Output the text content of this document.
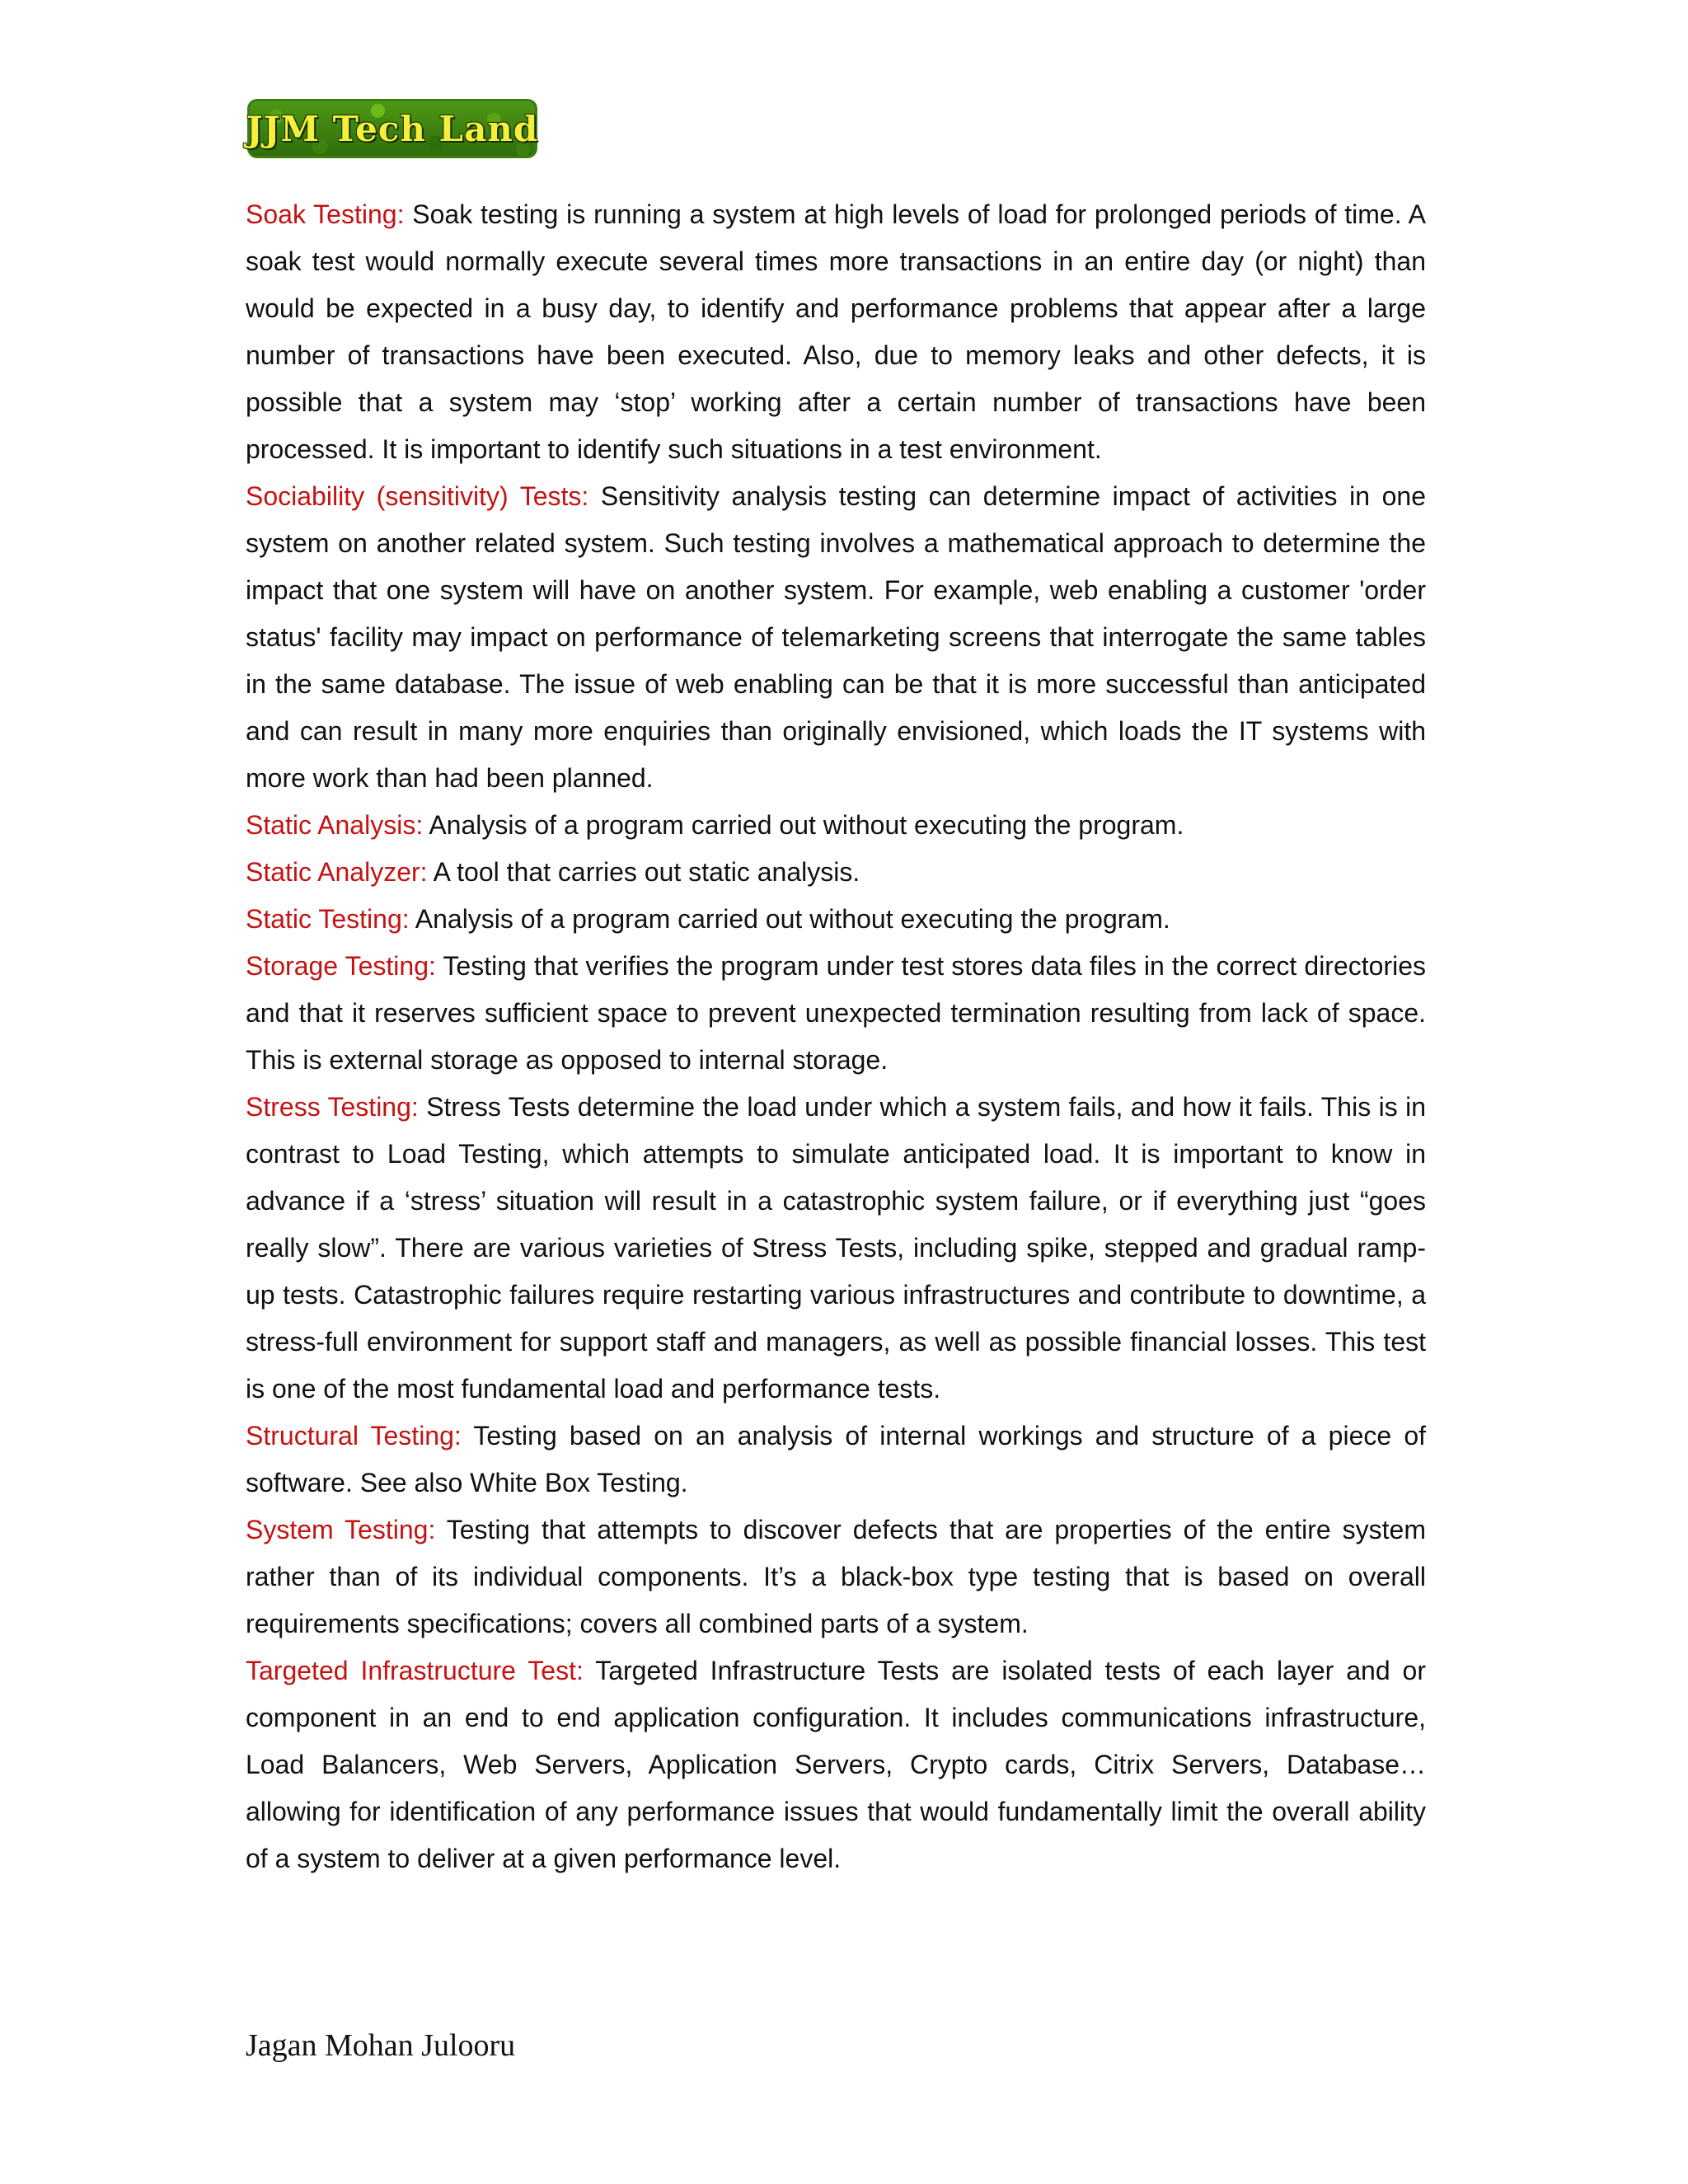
JJM Tech Land

Soak Testing: Soak testing is running a system at high levels of load for prolonged periods of time. A soak test would normally execute several times more transactions in an entire day (or night) than would be expected in a busy day, to identify and performance problems that appear after a large number of transactions have been executed. Also, due to memory leaks and other defects, it is possible that a system may ‘stop’ working after a certain number of transactions have been processed. It is important to identify such situations in a test environment.

Sociability (sensitivity) Tests: Sensitivity analysis testing can determine impact of activities in one system on another related system. Such testing involves a mathematical approach to determine the impact that one system will have on another system. For example, web enabling a customer 'order status' facility may impact on performance of telemarketing screens that interrogate the same tables in the same database. The issue of web enabling can be that it is more successful than anticipated and can result in many more enquiries than originally envisioned, which loads the IT systems with more work than had been planned.

Static Analysis: Analysis of a program carried out without executing the program.

Static Analyzer: A tool that carries out static analysis.

Static Testing: Analysis of a program carried out without executing the program.

Storage Testing: Testing that verifies the program under test stores data files in the correct directories and that it reserves sufficient space to prevent unexpected termination resulting from lack of space. This is external storage as opposed to internal storage.

Stress Testing: Stress Tests determine the load under which a system fails, and how it fails. This is in contrast to Load Testing, which attempts to simulate anticipated load. It is important to know in advance if a ‘stress’ situation will result in a catastrophic system failure, or if everything just “goes really slow”. There are various varieties of Stress Tests, including spike, stepped and gradual ramp-up tests. Catastrophic failures require restarting various infrastructures and contribute to downtime, a stress-full environment for support staff and managers, as well as possible financial losses. This test is one of the most fundamental load and performance tests.

Structural Testing: Testing based on an analysis of internal workings and structure of a piece of software. See also White Box Testing.

System Testing: Testing that attempts to discover defects that are properties of the entire system rather than of its individual components. It’s a black-box type testing that is based on overall requirements specifications; covers all combined parts of a system.

Targeted Infrastructure Test: Targeted Infrastructure Tests are isolated tests of each layer and or component in an end to end application configuration. It includes communications infrastructure, Load Balancers, Web Servers, Application Servers, Crypto cards, Citrix Servers, Database… allowing for identification of any performance issues that would fundamentally limit the overall ability of a system to deliver at a given performance level.

Jagan Mohan Julooru
